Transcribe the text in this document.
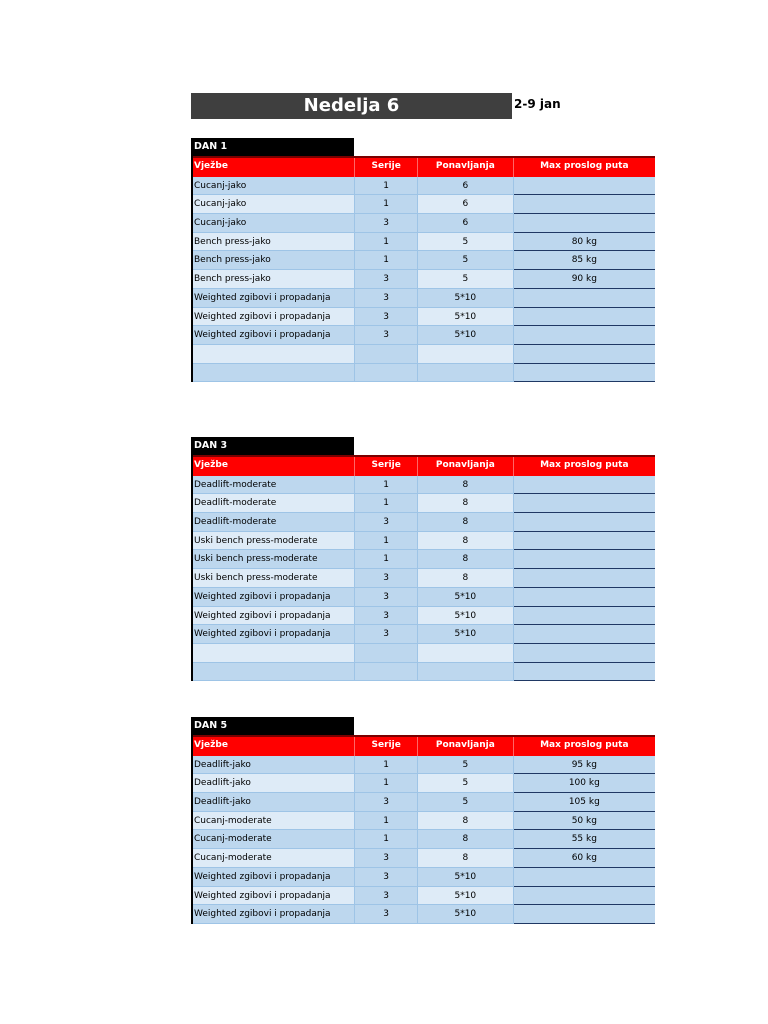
Nedelja 6	2-9 jan
DAN 1
Vježbe	Serije	Ponavljanja	Max proslog puta
Cucanj-jako	1	6
Cucanj-jako	1	6
Cucanj-jako	3	6
Bench press-jako	1	5	80 kg
Bench press-jako	1	5	85 kg
Bench press-jako	3	5	90 kg
Weighted zgibovi i propadanja	3	5*10
Weighted zgibovi i propadanja	3	5*10
Weighted zgibovi i propadanja	3	5*10
DAN 3
Vježbe	Serije	Ponavljanja	Max proslog puta
Deadlift-moderate	1	8
Deadlift-moderate	1	8
Deadlift-moderate	3	8
Uski bench press-moderate	1	8
Uski bench press-moderate	1	8
Uski bench press-moderate	3	8
Weighted zgibovi i propadanja	3	5*10
Weighted zgibovi i propadanja	3	5*10
Weighted zgibovi i propadanja	3	5*10
DAN 5
Vježbe	Serije	Ponavljanja	Max proslog puta
Deadlift-jako	1	5	95 kg
Deadlift-jako	1	5	100 kg
Deadlift-jako	3	5	105 kg
Cucanj-moderate	1	8	50 kg
Cucanj-moderate	1	8	55 kg
Cucanj-moderate	3	8	60 kg
Weighted zgibovi i propadanja	3	5*10
Weighted zgibovi i propadanja	3	5*10
Weighted zgibovi i propadanja	3	5*10
